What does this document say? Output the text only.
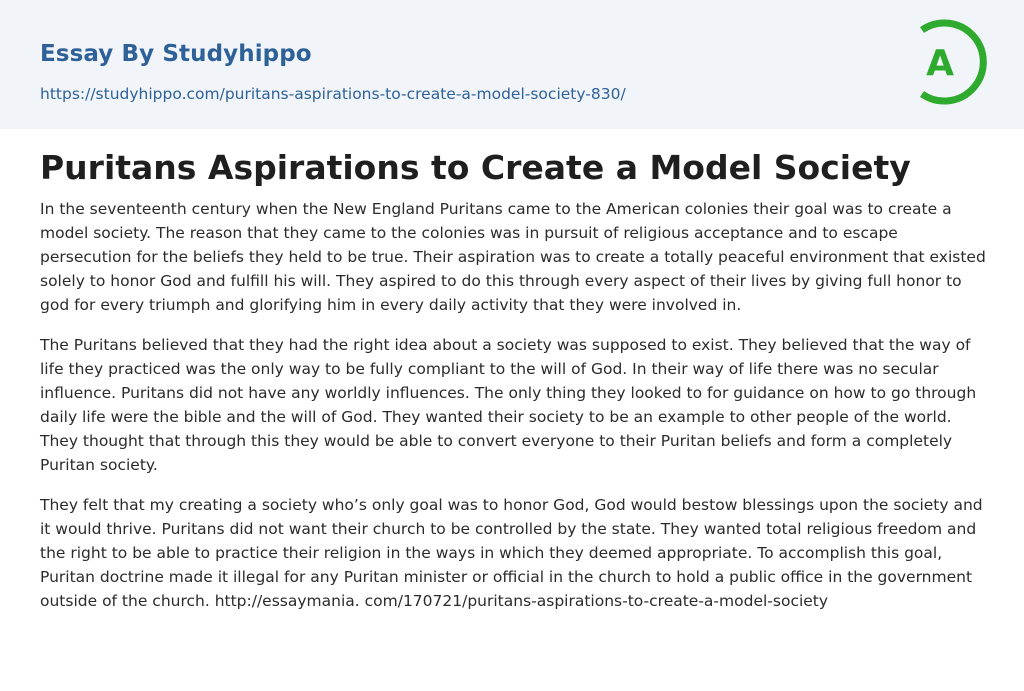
Essay By Studyhippo
https://studyhippo.com/puritans-aspirations-to-create-a-model-society-830/
A
Puritans Aspirations to Create a Model Society

In the seventeenth century when the New England Puritans came to the American colonies their goal was to create a model society. The reason that they came to the colonies was in pursuit of religious acceptance and to escape persecution for the beliefs they held to be true. Their aspiration was to create a totally peaceful environment that existed solely to honor God and fulfill his will. They aspired to do this through every aspect of their lives by giving full honor to god for every triumph and glorifying him in every daily activity that they were involved in.

The Puritans believed that they had the right idea about a society was supposed to exist. They believed that the way of life they practiced was the only way to be fully compliant to the will of God. In their way of life there was no secular influence. Puritans did not have any worldly influences. The only thing they looked to for guidance on how to go through daily life were the bible and the will of God. They wanted their society to be an example to other people of the world. They thought that through this they would be able to convert everyone to their Puritan beliefs and form a completely Puritan society.

They felt that my creating a society who’s only goal was to honor God, God would bestow blessings upon the society and it would thrive. Puritans did not want their church to be controlled by the state. They wanted total religious freedom and the right to be able to practice their religion in the ways in which they deemed appropriate. To accomplish this goal, Puritan doctrine made it illegal for any Puritan minister or official in the church to hold a public office in the government outside of the church. http://essaymania. com/170721/puritans-aspirations-to-create-a-model-society
